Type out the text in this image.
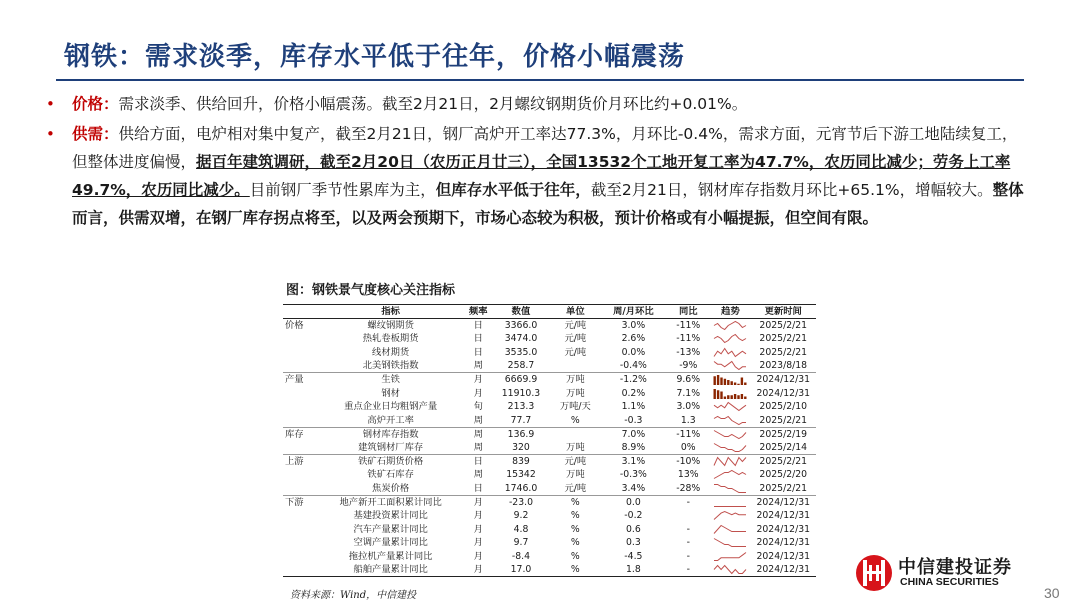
钢铁：需求淡季，库存水平低于往年，价格小幅震荡
•	价格：需求淡季、供给回升，价格小幅震荡。截至2月21日，2月螺纹钢期货价月环比约+0.01%。
•	供需：供给方面，电炉相对集中复产，截至2月21日，钢厂高炉开工率达77.3%，月环比-0.4%，需求方面，元宵节后下游工地陆续复工，但整体进度偏慢，据百年建筑调研，截至2月20日（农历正月廿三），全国13532个工地开复工率为47.7%，农历同比减少；劳务上工率49.7%，农历同比减少。目前钢厂季节性累库为主，但库存水平低于往年，截至2月21日，钢材库存指数月环比+65.1%，增幅较大。整体而言，供需双增，在钢厂库存拐点将至，以及两会预期下，市场心态较为积极，预计价格或有小幅提振，但空间有限。
图：钢铁景气度核心关注指标
	指标	频率	数值	单位	周/月环比	同比	趋势	更新时间
价格	螺纹钢期货	日	3366.0	元/吨	3.0%	-11%		2025/2/21
	热轧卷板期货	日	3474.0	元/吨	2.6%	-11%		2025/2/21
	线材期货	日	3535.0	元/吨	0.0%	-13%		2025/2/21
	北美钢铁指数	周	258.7		-0.4%	-9%		2023/8/18
产量	生铁	月	6669.9	万吨	-1.2%	9.6%		2024/12/31
	钢材	月	11910.3	万吨	0.2%	7.1%		2024/12/31
	重点企业日均粗钢产量	旬	213.3	万吨/天	1.1%	3.0%		2025/2/10
	高炉开工率	周	77.7	%	-0.3	1.3		2025/2/21
库存	钢材库存指数	周	136.9		7.0%	-11%		2025/2/19
	建筑钢材厂库存	周	320	万吨	8.9%	0%		2025/2/14
上游	铁矿石期货价格	日	839	元/吨	3.1%	-10%		2025/2/21
	铁矿石库存	周	15342	万吨	-0.3%	13%		2025/2/20
	焦炭价格	日	1746.0	元/吨	3.4%	-28%		2025/2/21
下游	地产新开工面积累计同比	月	-23.0	%	0.0	-		2024/12/31
	基建投资累计同比	月	9.2	%	-0.2			2024/12/31
	汽车产量累计同比	月	4.8	%	0.6	-		2024/12/31
	空调产量累计同比	月	9.7	%	0.3	-		2024/12/31
	拖拉机产量累计同比	月	-8.4	%	-4.5	-		2024/12/31
	船舶产量累计同比	月	17.0	%	1.8	-		2024/12/31
资料来源：Wind，中信建投
中信建投证券
CHINA SECURITIES
30
